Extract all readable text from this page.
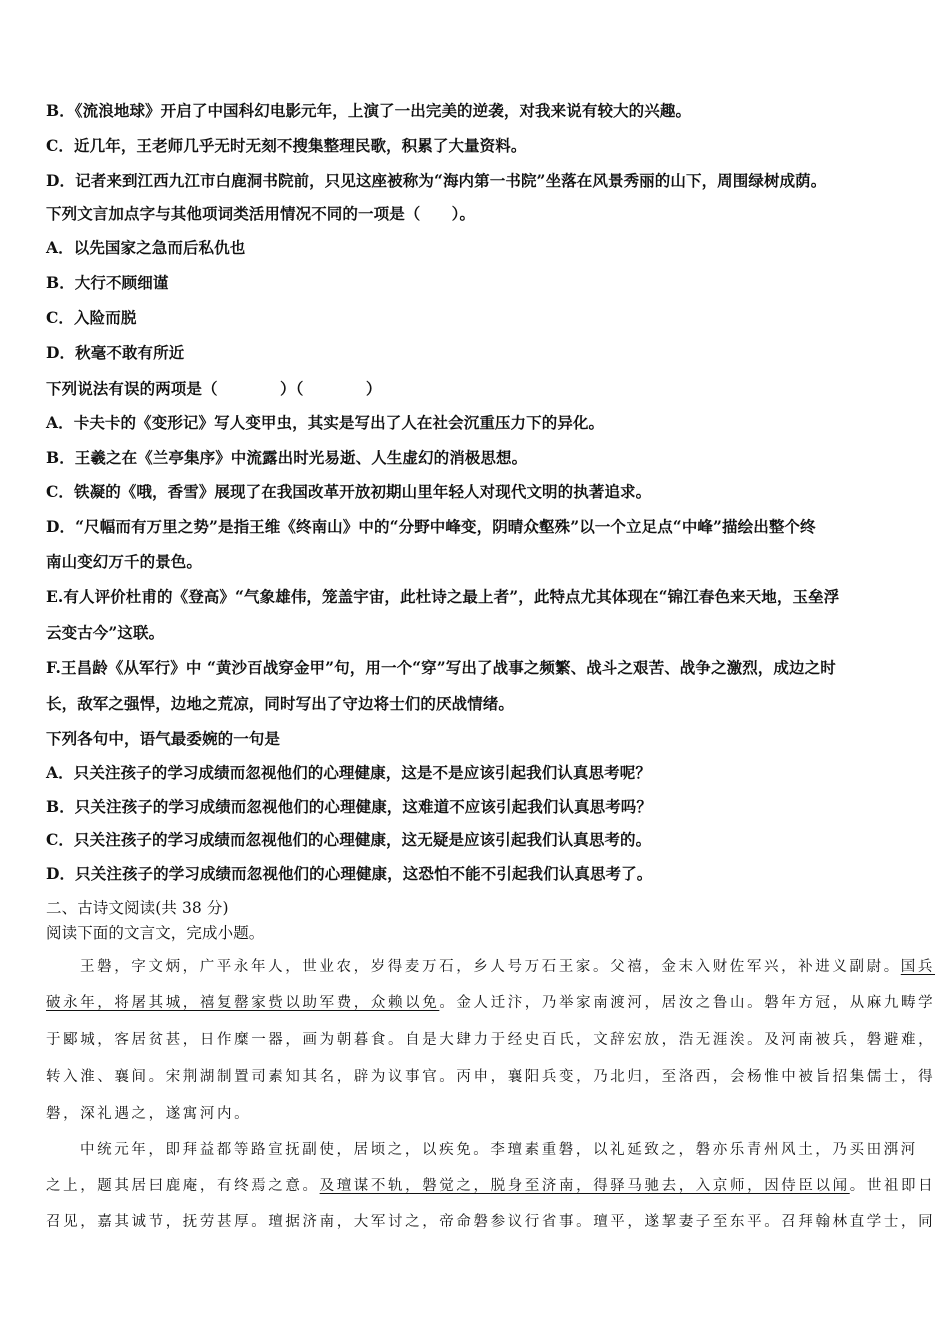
B．《流浪地球》开启了中国科幻电影元年，上演了一出完美的逆袭，对我来说有较大的兴趣。
C．近几年，王老师几乎无时无刻不搜集整理民歌，积累了大量资料。
D．记者来到江西九江市白鹿洞书院前，只见这座被称为“海内第一书院”坐落在风景秀丽的山下，周围绿树成荫。
下列文言加点字与其他项词类活用情况不同的一项是（　　）。
A．以先国家之急而后私仇也
B．大行不顾细谨
C．入险而脱
D．秋毫不敢有所近
下列说法有误的两项是（　　　　）（　　　　）
A．卡夫卡的《变形记》写人变甲虫，其实是写出了人在社会沉重压力下的异化。
B．王羲之在《兰亭集序》中流露出时光易逝、人生虚幻的消极思想。
C．铁凝的《哦，香雪》展现了在我国改革开放初期山里年轻人对现代文明的执著追求。
D．“尺幅而有万里之势”是指王维《终南山》中的“分野中峰变，阴晴众壑殊”以一个立足点“中峰”描绘出整个终
南山变幻万千的景色。
E.有人评价杜甫的《登高》“气象雄伟，笼盖宇宙，此杜诗之最上者”，此特点尤其体现在“锦江春色来天地，玉垒浮
云变古今”这联。
F.王昌龄《从军行》中 “黄沙百战穿金甲”句，用一个“穿”写出了战事之频繁、战斗之艰苦、战争之激烈，成边之时
长，敌军之强悍，边地之荒凉，同时写出了守边将士们的厌战情绪。
下列各句中，语气最委婉的一句是
A．只关注孩子的学习成绩而忽视他们的心理健康，这是不是应该引起我们认真思考呢？
B．只关注孩子的学习成绩而忽视他们的心理健康，这难道不应该引起我们认真思考吗？
C．只关注孩子的学习成绩而忽视他们的心理健康，这无疑是应该引起我们认真思考的。
D．只关注孩子的学习成绩而忽视他们的心理健康，这恐怕不能不引起我们认真思考了。
二、古诗文阅读(共 38 分)
阅读下面的文言文，完成小题。
王磐，字文炳，广平永年人，世业农，岁得麦万石，乡人号万石王家。父禧，金末入财佐军兴，补进义副尉。国兵
破永年，将屠其城，禧复罄家赀以助军费，众赖以免。金人迁汴，乃举家南渡河，居汝之鲁山。磐年方冠，从麻九畴学
于郾城，客居贫甚，日作糜一器，画为朝暮食。自是大肆力于经史百氏，文辞宏放，浩无涯涘。及河南被兵，磐避难，
转入淮、襄间。宋荆湖制置司素知其名，辟为议事官。丙申，襄阳兵变，乃北归，至洛西，会杨惟中被旨招集儒士，得
磐，深礼遇之，遂寓河内。
中统元年，即拜益都等路宣抚副使，居顷之，以疾免。李璮素重磐，以礼延致之，磐亦乐青州风土，乃买田渳河
之上，题其居曰鹿庵，有终焉之意。及璮谋不轨，磐觉之，脱身至济南，得驿马驰去，入京师，因侍臣以闻。世祖即日
召见，嘉其诚节，抚劳甚厚。璮据济南，大军讨之，帝命磐参议行省事。璮平，遂挈妻子至东平。召拜翰林直学士，同
